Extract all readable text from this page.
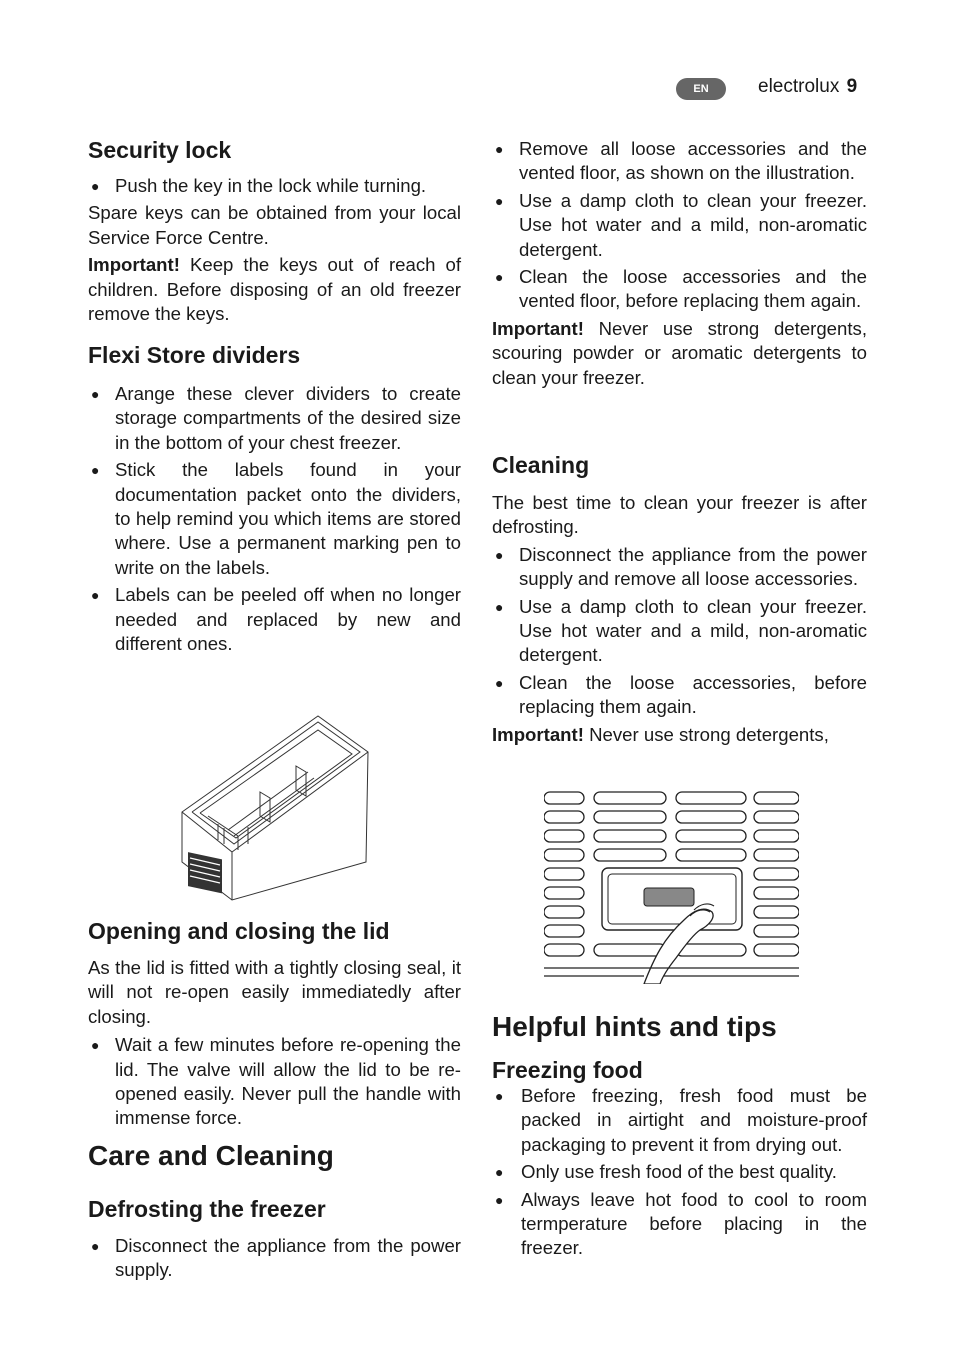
EN	electrolux 9
Security lock
● Push the key in the lock while turning.

Spare keys can be obtained from your local Service Force Centre.

Important! Keep the keys out of reach of children. Before disposing of an old freezer remove the keys.

Flexi Store dividers
● Arange these clever dividers to create storage compartments of the desired size in the bottom of your chest freezer.
● Stick the labels found in your documentation packet onto the dividers, to help remind you which items are stored where. Use a permanent marking pen to write on the labels.
● Labels can be peeled off when no longer needed and replaced by new and different ones.
Opening and closing the lid

As the lid is fitted with a tightly closing seal, it will not re-open easily immediatedly after closing.

● Wait a few minutes before re-opening the lid. The valve will allow the lid to be re-opened easily. Never pull the handle with immense force.
Care and Cleaning
Defrosting the freezer
● Disconnect the appliance from the power supply.
● Remove all loose accessories and the vented floor, as shown on the illustration.
● Use a damp cloth to clean your freezer. Use hot water and a mild, non-aromatic detergent.
● Clean the loose accessories and the vented floor, before replacing them again.

Important! Never use strong detergents, scouring powder or aromatic detergents to clean your freezer.

Cleaning

The best time to clean your freezer is after defrosting.

● Disconnect the appliance from the power supply and remove all loose accessories.
● Use a damp cloth to clean your freezer. Use hot water and a mild, non-aromatic detergent.
● Clean the loose accessories, before replacing them again.

Important! Never use strong detergents,

Helpful hints and tips
Freezing food
● Before freezing, fresh food must be packed in airtight and moisture-proof packaging to prevent it from drying out.
● Only use fresh food of the best quality.
● Always leave hot food to cool to room termperature before placing in the freezer.
